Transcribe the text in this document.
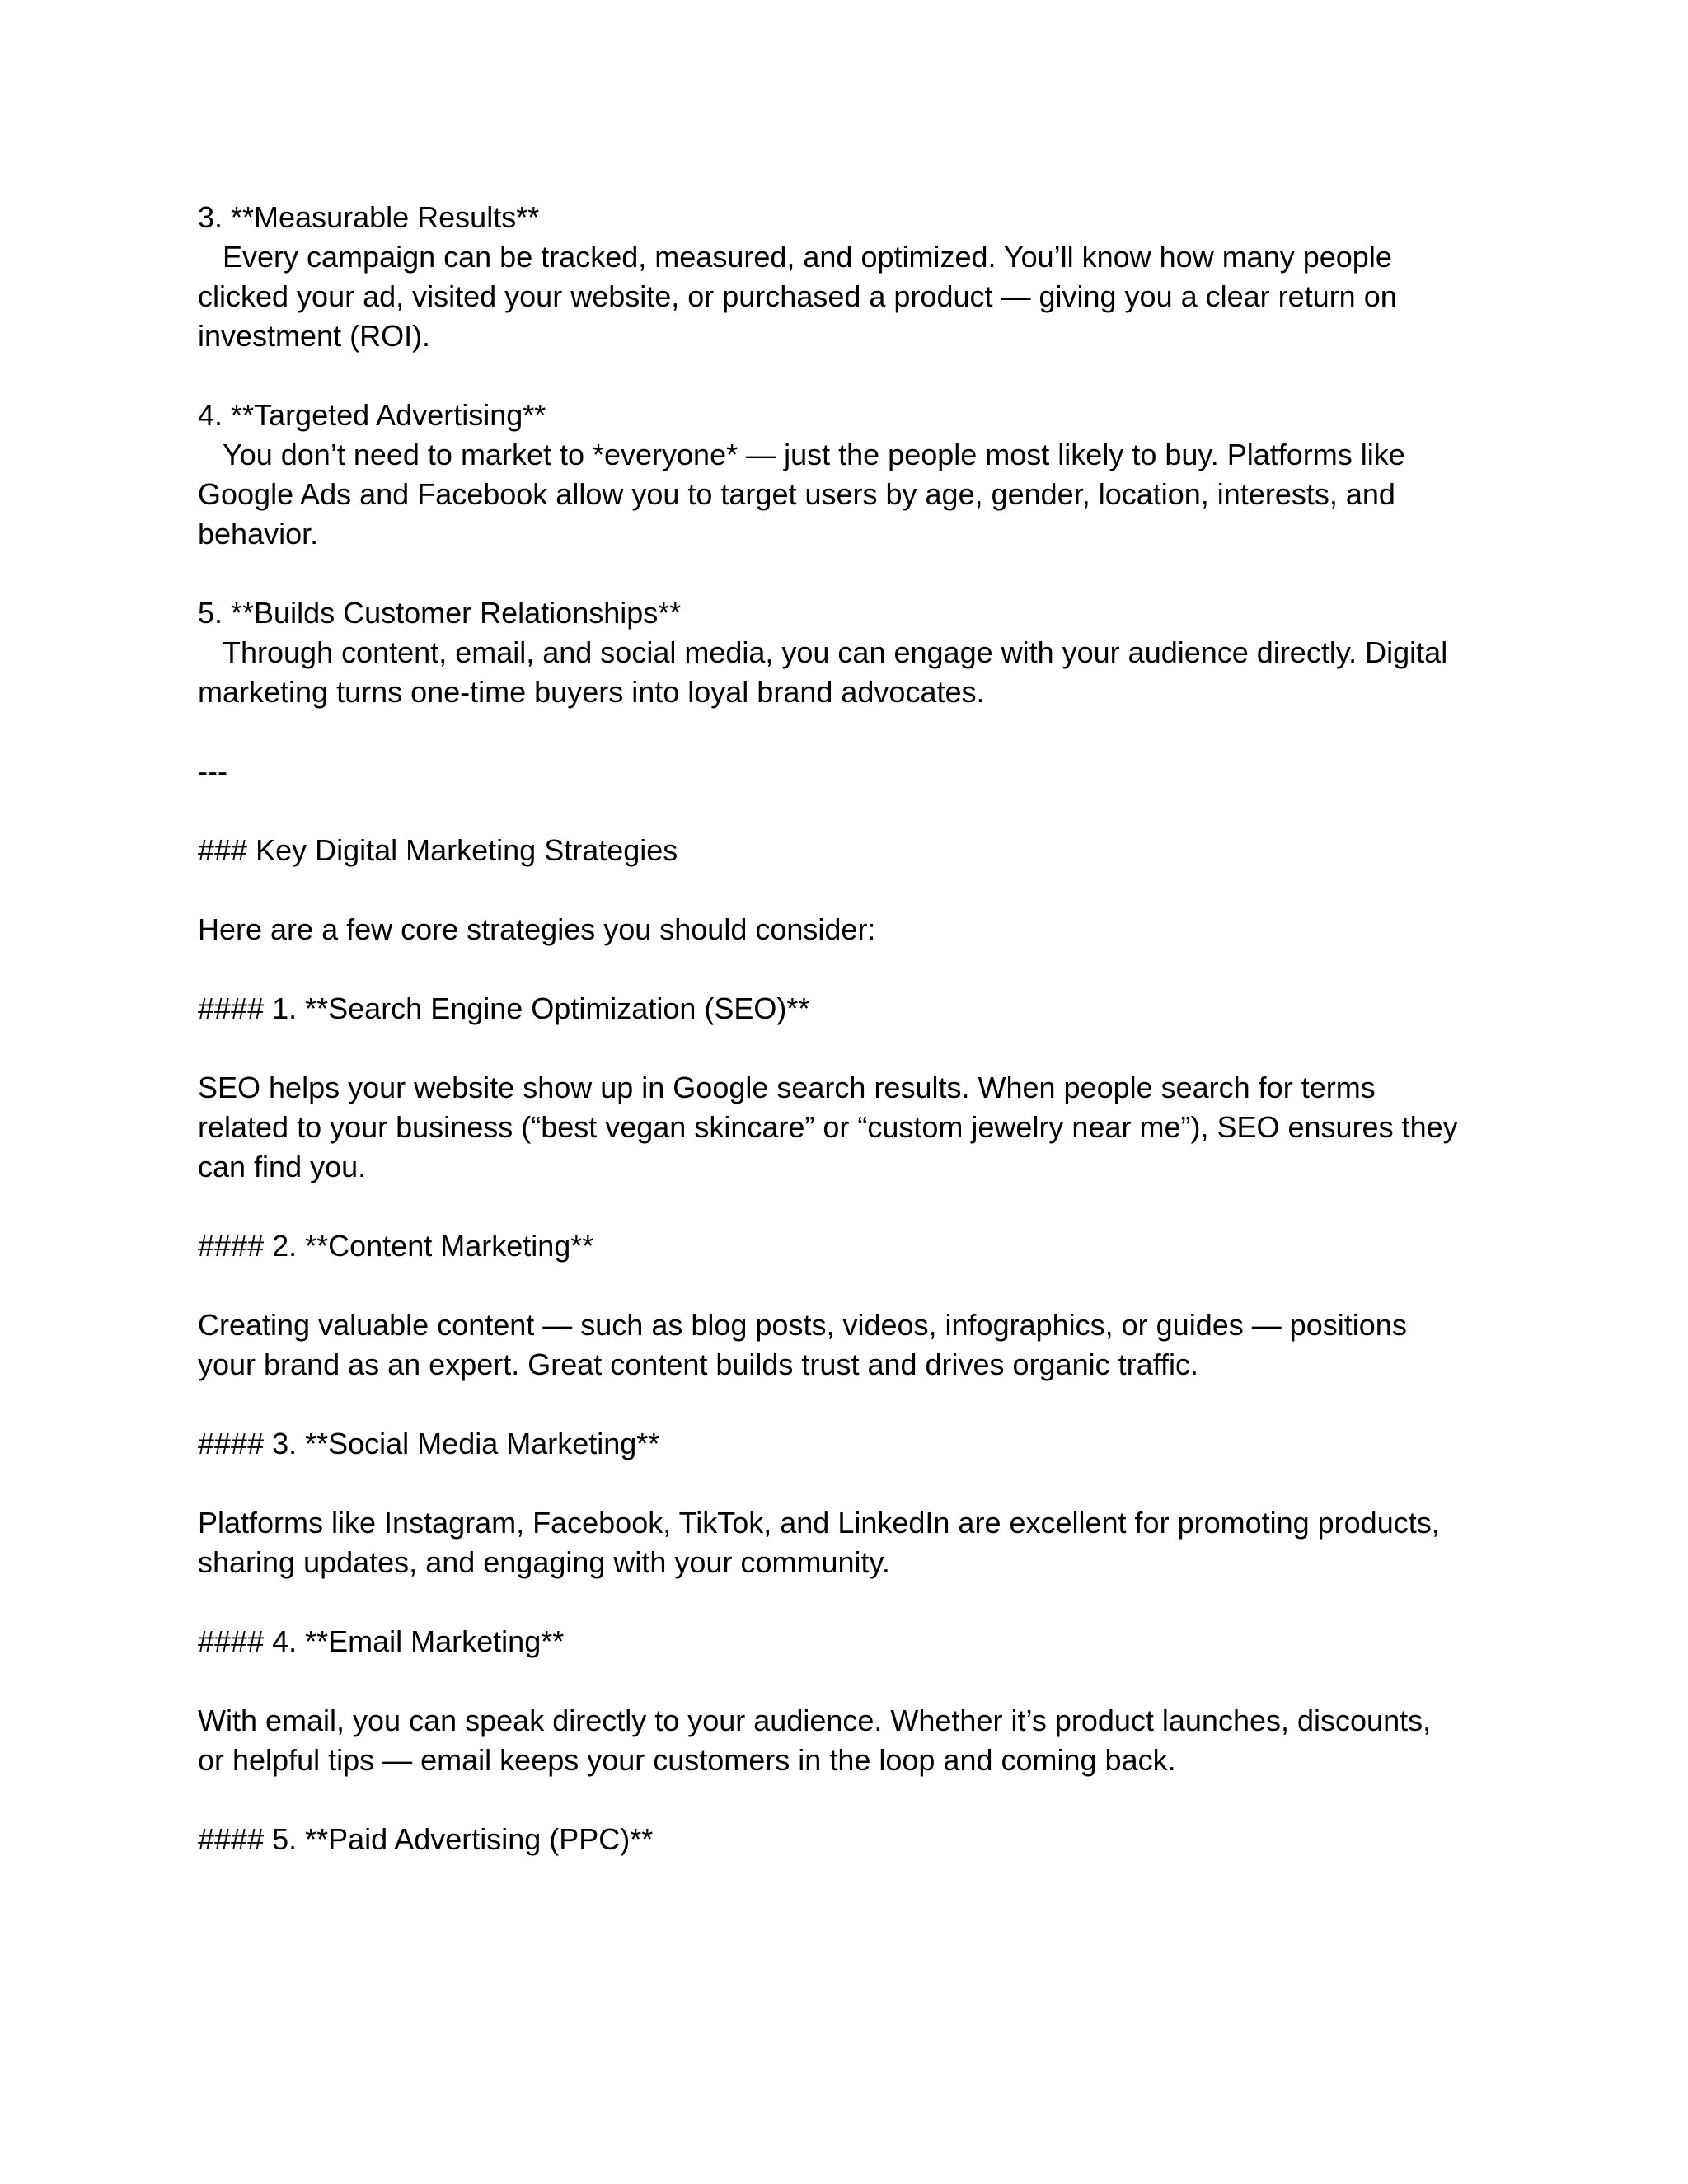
3. **Measurable Results**
Every campaign can be tracked, measured, and optimized. You’ll know how many people
clicked your ad, visited your website, or purchased a product — giving you a clear return on
investment (ROI).
4. **Targeted Advertising**
You don’t need to market to *everyone* — just the people most likely to buy. Platforms like
Google Ads and Facebook allow you to target users by age, gender, location, interests, and
behavior.
5. **Builds Customer Relationships**
Through content, email, and social media, you can engage with your audience directly. Digital
marketing turns one-time buyers into loyal brand advocates.
---
### Key Digital Marketing Strategies
Here are a few core strategies you should consider:
#### 1. **Search Engine Optimization (SEO)**
SEO helps your website show up in Google search results. When people search for terms
related to your business (“best vegan skincare” or “custom jewelry near me”), SEO ensures they
can find you.
#### 2. **Content Marketing**
Creating valuable content — such as blog posts, videos, infographics, or guides — positions
your brand as an expert. Great content builds trust and drives organic traffic.
#### 3. **Social Media Marketing**
Platforms like Instagram, Facebook, TikTok, and LinkedIn are excellent for promoting products,
sharing updates, and engaging with your community.
#### 4. **Email Marketing**
With email, you can speak directly to your audience. Whether it’s product launches, discounts,
or helpful tips — email keeps your customers in the loop and coming back.
#### 5. **Paid Advertising (PPC)**
